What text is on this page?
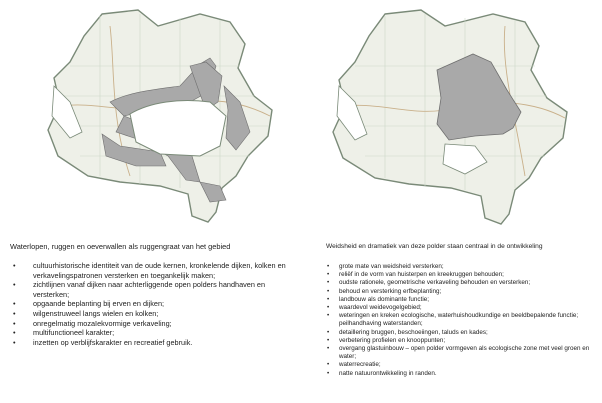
Waterlopen, ruggen en oeverwallen als ruggengraat van het gebied

• cultuurhistorische identiteit van de oude kernen, kronkelende dijken, kolken en verkavelingspatronen versterken en toegankelijk maken;
• zichtlijnen vanaf dijken naar achterliggende open polders handhaven en versterken;
• opgaande beplanting bij erven en dijken;
• wilgenstruweel langs wielen en kolken;
• onregelmatig mozaïekvormige verkaveling;
• multifunctioneel karakter;
• inzetten op verblijfskarakter en recreatief gebruik.

Weidsheid en dramatiek van deze polder staan centraal in de ontwikkeling

• grote mate van weidsheid versterken;
• reliëf in de vorm van huisterpen en kreekruggen behouden;
• oudste rationele, geometrische verkaveling behouden en versterken;
• behoud en versterking erfbeplanting;
• landbouw als dominante functie;
• waardevol weidevogelgebied;
• weteringen en kreken ecologische, waterhuishoudkundige en beeldbepalende functie; peilhandhaving waterstanden;
• detaillering bruggen, beschoeiingen, taluds en kades;
• verbetering profielen en knooppunten;
• overgang glastuinbouw – open polder vormgeven als ecologische zone met veel groen en water;
• waterrecreatie;
• natte natuurontwikkeling in randen.
